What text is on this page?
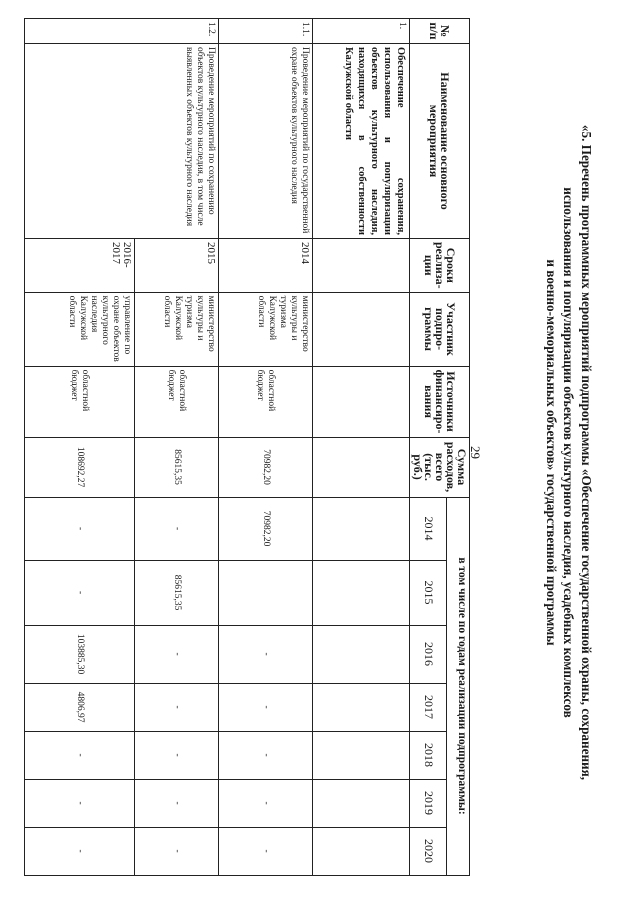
«5. Перечень программных мероприятий подпрограммы «Обеспечение государственной охраны, сохранения,
использования и популяризации объектов культурного наследия, усадебных комплексов
и военно-мемориальных объектов» государственной программы
29
№ п/п	Наименование основного мероприятия	Сроки реализа-ции	Участник подпро-граммы	Источники финансиро-вания	Сумма расходов, всего (тыс. руб.)	в том числе по годам реализации подпрограммы:						
						2014	2015	2016	2017	2018	2019	2020
1.	Обеспечение сохранения, использования и популяризации объектов культурного наследия, находящихся в собственности Калужской области											
1.1.	Проведение мероприятий по государственной охране объектов культурного наследия	2014	министерство культуры и туризма Калужской области	областной бюджет	70982,20	70982,20		-	-	-	-	-
1.2.	Проведение мероприятий по сохранению объектов культурного наследия, в том числе выявленных объектов культурного наследия	2015	министерство культуры и туризма Калужской области	областной бюджет	85615,35	-	85615,35	-	-	-	-	-
		2016-2017	управление по охране объектов культурного наследия Калужской области	областной бюджет	108692,27	-	-	103885,30	4806,97	-	-	-
